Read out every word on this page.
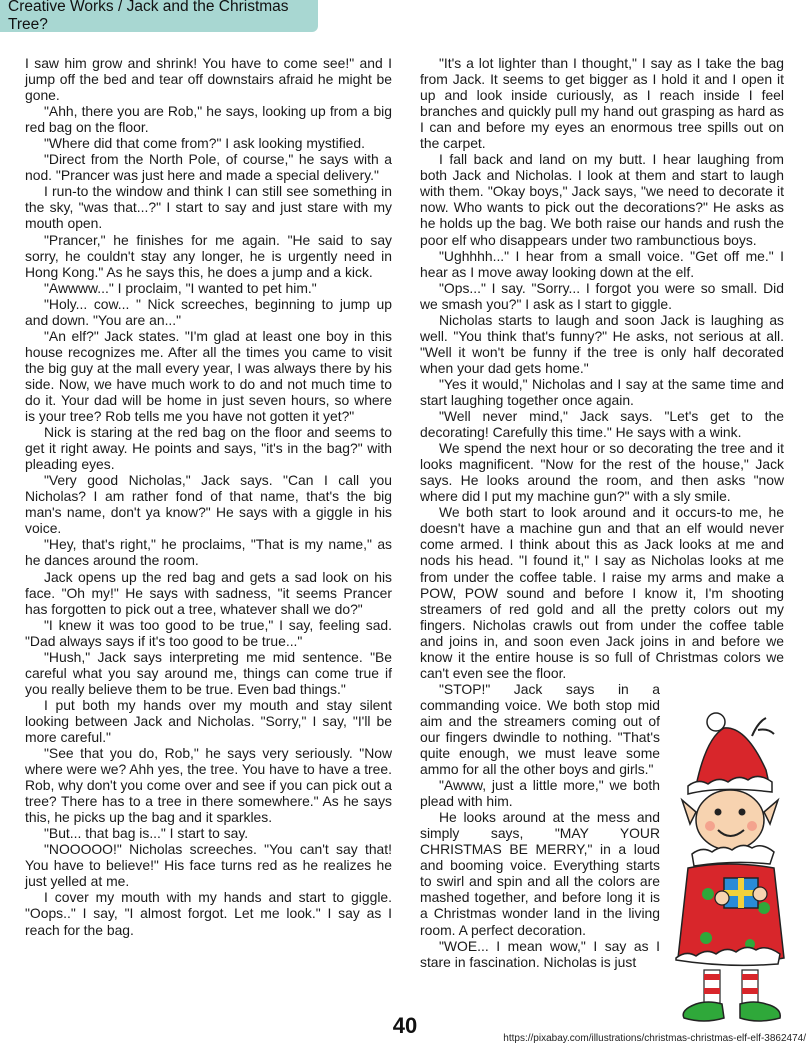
Creative Works / Jack and the Christmas Tree?

I saw him grow and shrink! You have to come see!" and I jump off the bed and tear off downstairs afraid he might be gone.

"Ahh, there you are Rob," he says, looking up from a big red bag on the floor.

"Where did that come from?" I ask looking mystified.

"Direct from the North Pole, of course," he says with a nod. "Prancer was just here and made a special delivery."

I run-to the window and think I can still see something in the sky, "was that...?" I start to say and just stare with my mouth open.

"Prancer," he finishes for me again. "He said to say sorry, he couldn't stay any longer, he is urgently need in Hong Kong." As he says this, he does a jump and a kick.

"Awwww..." I proclaim, "I wanted to pet him."

"Holy... cow... " Nick screeches, beginning to jump up and down. "You are an..."

"An elf?" Jack states. "I'm glad at least one boy in this house recognizes me. After all the times you came to visit the big guy at the mall every year, I was always there by his side. Now, we have much work to do and not much time to do it. Your dad will be home in just seven hours, so where is your tree? Rob tells me you have not gotten it yet?"

Nick is staring at the red bag on the floor and seems to get it right away. He points and says, "it's in the bag?" with pleading eyes.

"Very good Nicholas," Jack says. "Can I call you Nicholas? I am rather fond of that name, that's the big man's name, don't ya know?" He says with a giggle in his voice.

"Hey, that's right," he proclaims, "That is my name," as he dances around the room.

Jack opens up the red bag and gets a sad look on his face. "Oh my!" He says with sadness, "it seems Prancer has forgotten to pick out a tree, whatever shall we do?"

"I knew it was too good to be true," I say, feeling sad. "Dad always says if it's too good to be true..."

"Hush," Jack says interpreting me mid sentence. "Be careful what you say around me, things can come true if you really believe them to be true. Even bad things."

I put both my hands over my mouth and stay silent looking between Jack and Nicholas. "Sorry," I say, "I'll be more careful."

"See that you do, Rob," he says very seriously. "Now where were we? Ahh yes, the tree. You have to have a tree. Rob, why don't you come over and see if you can pick out a tree? There has to a tree in there somewhere." As he says this, he picks up the bag and it sparkles.

"But... that bag is..." I start to say.

"NOOOOO!" Nicholas screeches. "You can't say that! You have to believe!" His face turns red as he realizes he just yelled at me.

I cover my mouth with my hands and start to giggle. "Oops.." I say, "I almost forgot. Let me look." I say as I reach for the bag.

"It's a lot lighter than I thought," I say as I take the bag from Jack. It seems to get bigger as I hold it and I open it up and look inside curiously, as I reach inside I feel branches and quickly pull my hand out grasping as hard as I can and before my eyes an enormous tree spills out on the carpet.

I fall back and land on my butt. I hear laughing from both Jack and Nicholas. I look at them and start to laugh with them. "Okay boys," Jack says, "we need to decorate it now. Who wants to pick out the decorations?" He asks as he holds up the bag. We both raise our hands and rush the poor elf who disappears under two rambunctious boys.

"Ughhhh..." I hear from a small voice. "Get off me." I hear as I move away looking down at the elf.

"Ops..." I say. "Sorry... I forgot you were so small. Did we smash you?" I ask as I start to giggle.

Nicholas starts to laugh and soon Jack is laughing as well. "You think that's funny?" He asks, not serious at all. "Well it won't be funny if the tree is only half decorated when your dad gets home."

"Yes it would," Nicholas and I say at the same time and start laughing together once again.

"Well never mind," Jack says. "Let's get to the decorating! Carefully this time." He says with a wink.

We spend the next hour or so decorating the tree and it looks magnificent. "Now for the rest of the house," Jack says. He looks around the room, and then asks "now where did I put my machine gun?" with a sly smile.

We both start to look around and it occurs-to me, he doesn't have a machine gun and that an elf would never come armed. I think about this as Jack looks at me and nods his head. "I found it," I say as Nicholas looks at me from under the coffee table. I raise my arms and make a POW, POW sound and before I know it, I'm shooting streamers of red gold and all the pretty colors out my fingers. Nicholas crawls out from under the coffee table and joins in, and soon even Jack joins in and before we know it the entire house is so full of Christmas colors we can't even see the floor.

"STOP!" Jack says in a commanding voice. We both stop mid aim and the streamers coming out of our fingers dwindle to nothing. "That's quite enough, we must leave some ammo for all the other boys and girls."

"Awww, just a little more," we both plead with him.

He looks around at the mess and simply says, "MAY YOUR CHRISTMAS BE MERRY," in a loud and booming voice. Everything starts to swirl and spin and all the colors are mashed together, and before long it is a Christmas wonder land in the living room. A perfect decoration.

"WOE... I mean wow," I say as I stare in fascination. Nicholas is just

40
https://pixabay.com/illustrations/christmas-christmas-elf-elf-3862474/
